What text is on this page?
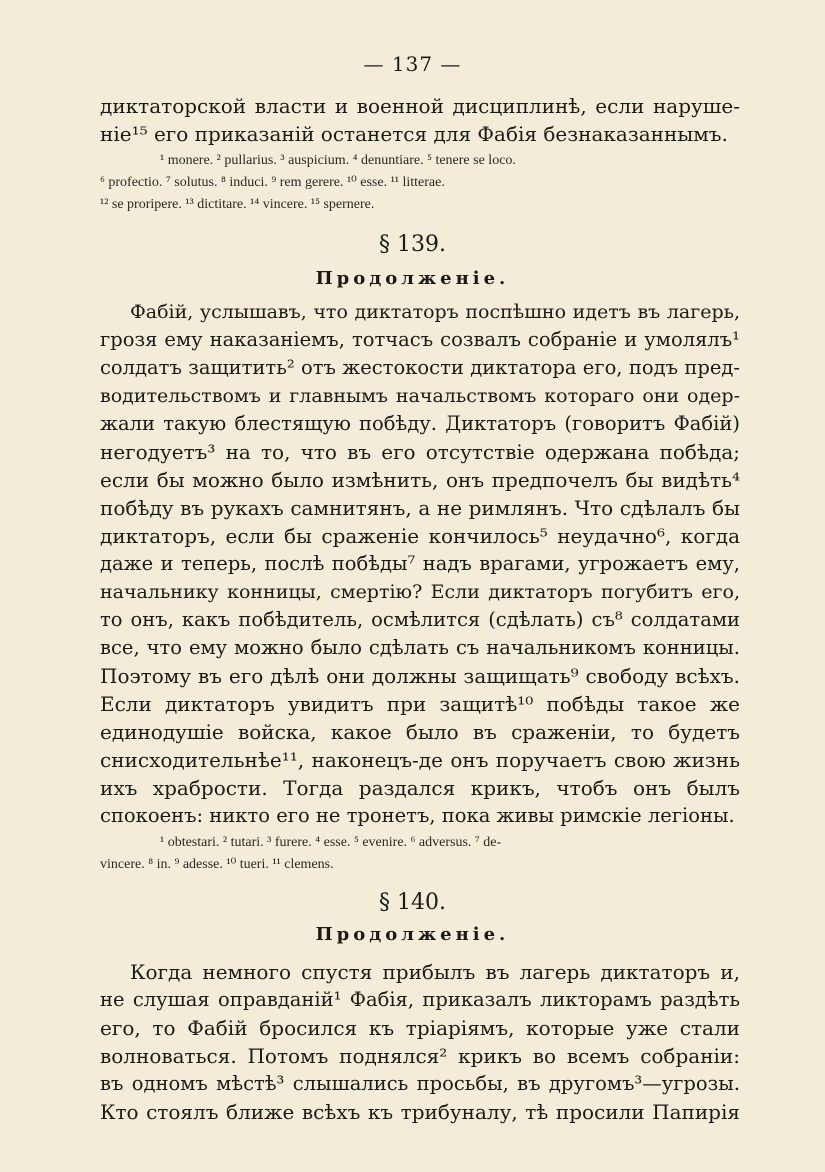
— 137 —
диктаторской власти и военной дисциплинѣ, если наруше-
ніе¹⁵ его приказаній останется для Фабія безнаказаннымъ.
¹ monere. ² pullarius. ³ auspicium. ⁴ denuntiare. ⁵ tenere se loco.
⁶ profectio. ⁷ solutus. ⁸ induci. ⁹ rem gerere. ¹⁰ esse. ¹¹ litterae.
¹² se proripere. ¹³ dictitare. ¹⁴ vincere. ¹⁵ spernere.
§ 139.
Продолженіе.
Фабій, услышавъ, что диктаторъ поспѣшно идетъ въ лагерь,
грозя ему наказаніемъ, тотчасъ созвалъ собраніе и умолялъ¹
солдатъ защитить² отъ жестокости диктатора его, подъ пред-
водительствомъ и главнымъ начальствомъ котораго они одер-
жали такую блестящую побѣду. Диктаторъ (говоритъ Фабій)
негодуетъ³ на то, что въ его отсутствіе одержана побѣда;
если бы можно было измѣнить, онъ предпочелъ бы видѣть⁴
побѣду въ рукахъ самнитянъ, а не римлянъ. Что сдѣлалъ бы
диктаторъ, если бы сраженіе кончилось⁵ неудачно⁶, когда
даже и теперь, послѣ побѣды⁷ надъ врагами, угрожаетъ ему,
начальнику конницы, смертію? Если диктаторъ погубитъ его,
то онъ, какъ побѣдитель, осмѣлится (сдѣлать) съ⁸ солдатами
все, что ему можно было сдѣлать съ начальникомъ конницы.
Поэтому въ его дѣлѣ они должны защищать⁹ свободу всѣхъ.
Если диктаторъ увидитъ при защитѣ¹⁰ побѣды такое же
единодушіе войска, какое было въ сраженіи, то будетъ
снисходительнѣе¹¹, наконецъ-де онъ поручаетъ свою жизнь
ихъ храбрости. Тогда раздался крикъ, чтобъ онъ былъ
спокоенъ: никто его не тронетъ, пока живы римскіе легіоны.
¹ obtestari. ² tutari. ³ furere. ⁴ esse. ⁵ evenire. ⁶ adversus. ⁷ de-
vincere. ⁸ in. ⁹ adesse. ¹⁰ tueri. ¹¹ clemens.
§ 140.
Продолженіе.
Когда немного спустя прибылъ въ лагерь диктаторъ и,
не слушая оправданій¹ Фабія, приказалъ ликторамъ раздѣть
его, то Фабій бросился къ тріаріямъ, которые уже стали
волноваться. Потомъ поднялся² крикъ во всемъ собраніи:
въ одномъ мѣстѣ³ слышались просьбы, въ другомъ³—угрозы.
Кто стоялъ ближе всѣхъ къ трибуналу, тѣ просили Папирія
